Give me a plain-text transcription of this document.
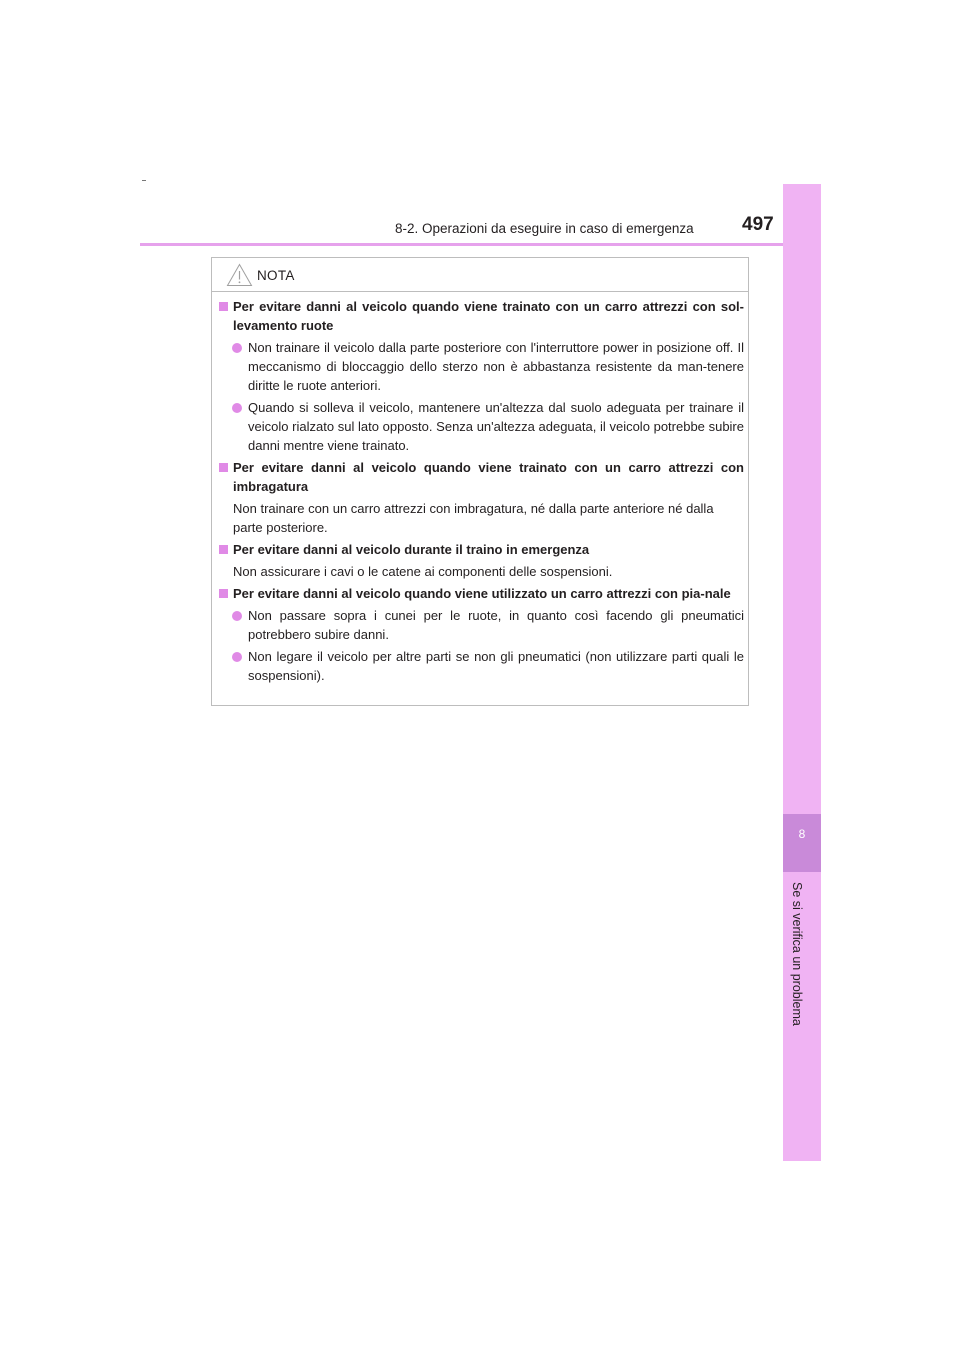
8-2. Operazioni da eseguire in caso di emergenza	497
8
Se si verifica un problema
NOTA
Per evitare danni al veicolo quando viene trainato con un carro attrezzi con sol-levamento ruote
Non trainare il veicolo dalla parte posteriore con l'interruttore power in posizione off. Il meccanismo di bloccaggio dello sterzo non è abbastanza resistente da man-tenere diritte le ruote anteriori.
Quando si solleva il veicolo, mantenere un'altezza dal suolo adeguata per trainare il veicolo rialzato sul lato opposto. Senza un'altezza adeguata, il veicolo potrebbe subire danni mentre viene trainato.
Per evitare danni al veicolo quando viene trainato con un carro attrezzi con imbragatura
Non trainare con un carro attrezzi con imbragatura, né dalla parte anteriore né dalla parte posteriore.
Per evitare danni al veicolo durante il traino in emergenza
Non assicurare i cavi o le catene ai componenti delle sospensioni.
Per evitare danni al veicolo quando viene utilizzato un carro attrezzi con pia-nale
Non passare sopra i cunei per le ruote, in quanto così facendo gli pneumatici potrebbero subire danni.
Non legare il veicolo per altre parti se non gli pneumatici (non utilizzare parti quali le sospensioni).
